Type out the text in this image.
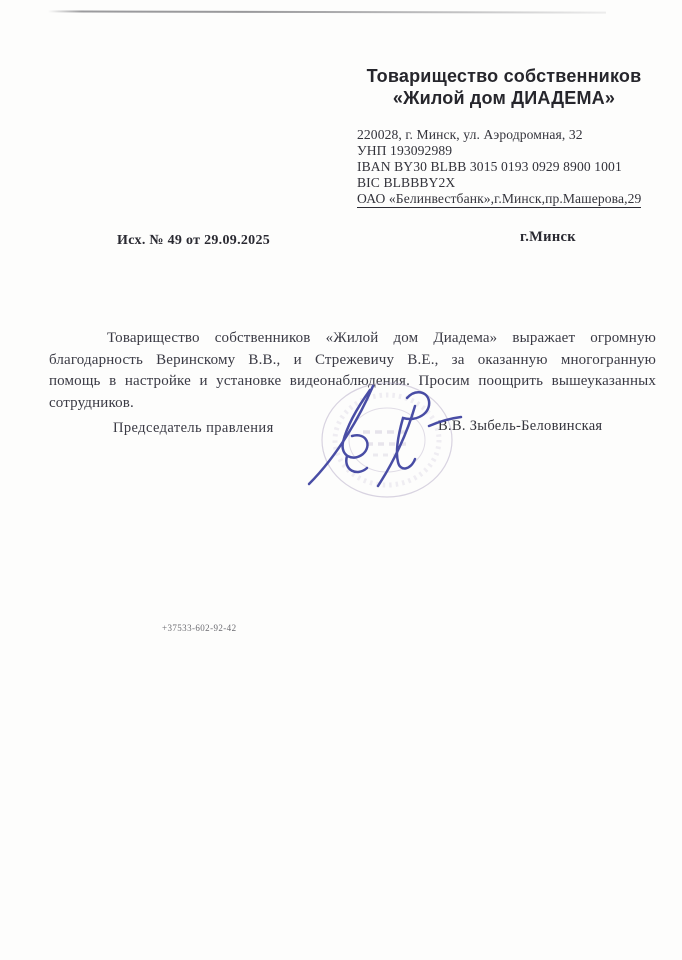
Товарищество собственников
«Жилой дом ДИАДЕМА»
220028, г. Минск, ул. Аэродромная, 32
УНП 193092989
IBAN BY30 BLBB 3015 0193 0929 8900 1001
BIC BLBBBY2X
ОАО «Белинвестбанк»,г.Минск,пр.Машерова,29
Исх. № 49 от 29.09.2025	г.Минск
Товарищество собственников «Жилой дом Диадема» выражает огромную
благодарность Веринскому В.В., и Стрежевичу В.Е., за оказанную многогранную
помощь в настройке и установке видеонаблюдения. Просим поощрить вышеуказанных
сотрудников.
Председатель правления	В.В. Зыбель-Беловинская
+37533-602-92-42
